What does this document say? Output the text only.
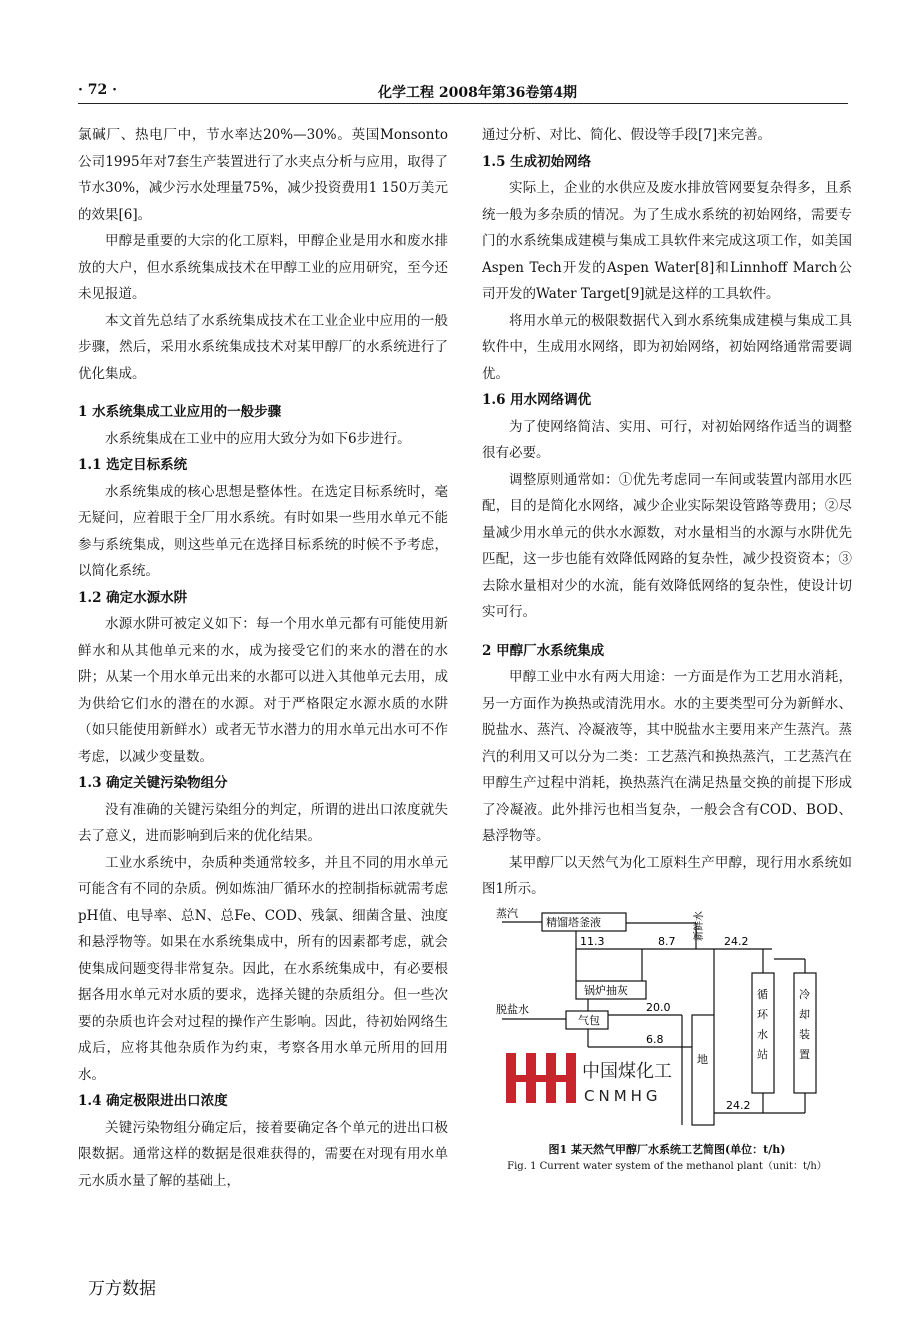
· 72 ·	化学工程 2008年第36卷第4期

氯碱厂、热电厂中，节水率达20%—30%。英国Monsonto公司1995年对7套生产装置进行了水夹点分析与应用，取得了节水30%，减少污水处理量75%，减少投资费用1 150万美元的效果[6]。

甲醇是重要的大宗的化工原料，甲醇企业是用水和废水排放的大户，但水系统集成技术在甲醇工业的应用研究，至今还未见报道。

本文首先总结了水系统集成技术在工业企业中应用的一般步骤，然后，采用水系统集成技术对某甲醇厂的水系统进行了优化集成。

1 水系统集成工业应用的一般步骤

水系统集成在工业中的应用大致分为如下6步进行。

1.1 选定目标系统

水系统集成的核心思想是整体性。在选定目标系统时，毫无疑问，应着眼于全厂用水系统。有时如果一些用水单元不能参与系统集成，则这些单元在选择目标系统的时候不予考虑，以简化系统。

1.2 确定水源水阱

水源水阱可被定义如下：每一个用水单元都有可能使用新鲜水和从其他单元来的水，成为接受它们的来水的潜在的水阱；从某一个用水单元出来的水都可以进入其他单元去用，成为供给它们水的潜在的水源。对于严格限定水源水质的水阱（如只能使用新鲜水）或者无节水潜力的用水单元出水可不作考虑，以减少变量数。

1.3 确定关键污染物组分

没有准确的关键污染组分的判定，所谓的进出口浓度就失去了意义，进而影响到后来的优化结果。

工业水系统中，杂质种类通常较多，并且不同的用水单元可能含有不同的杂质。例如炼油厂循环水的控制指标就需考虑pH值、电导率、总N、总Fe、COD、残氯、细菌含量、浊度和悬浮物等。如果在水系统集成中，所有的因素都考虑，就会使集成问题变得非常复杂。因此，在水系统集成中，有必要根据各用水单元对水质的要求，选择关键的杂质组分。但一些次要的杂质也许会对过程的操作产生影响。因此，待初始网络生成后，应将其他杂质作为约束，考察各用水单元所用的回用水。

1.4 确定极限进出口浓度

关键污染物组分确定后，接着要确定各个单元的进出口极限数据。通常这样的数据是很难获得的，需要在对现有用水单元水质水量了解的基础上，

通过分析、对比、简化、假设等手段[7]来完善。

1.5 生成初始网络

实际上，企业的水供应及废水排放管网要复杂得多，且系统一般为多杂质的情况。为了生成水系统的初始网络，需要专门的水系统集成建模与集成工具软件来完成这项工作，如美国Aspen Tech开发的Aspen Water[8]和Linnhoff March公司开发的Water Target[9]就是这样的工具软件。

将用水单元的极限数据代入到水系统集成建模与集成工具软件中，生成用水网络，即为初始网络，初始网络通常需要调优。

1.6 用水网络调优

为了使网络简洁、实用、可行，对初始网络作适当的调整很有必要。

调整原则通常如：①优先考虑同一车间或装置内部用水匹配，目的是简化水网络，减少企业实际架设管路等费用；②尽量减少用水单元的供水水源数，对水量相当的水源与水阱优先匹配，这一步也能有效降低网路的复杂性，减少投资资本；③去除水量相对少的水流，能有效降低网络的复杂性，使设计切实可行。

2 甲醇厂水系统集成

甲醇工业中水有两大用途：一方面是作为工艺用水消耗，另一方面作为换热或清洗用水。水的主要类型可分为新鲜水、脱盐水、蒸汽、冷凝液等，其中脱盐水主要用来产生蒸汽。蒸汽的利用又可以分为二类：工艺蒸汽和换热蒸汽，工艺蒸汽在甲醇生产过程中消耗，换热蒸汽在满足热量交换的前提下形成了冷凝液。此外排污也相当复杂，一般会含有COD、BOD、悬浮物等。

某甲醇厂以天然气为化工原料生产甲醇，现行用水系统如图1所示。

蒸汽
精馏塔釜液	新鲜水
锅炉抽灰
脱盐水
气包
地
循环水站
冷却装置
11.3	8.7	24.2
20.0
6.8
24.2
中国煤化工
CNMHG
图1 某天然气甲醇厂水系统工艺简图(单位：t/h)
Fig. 1 Current water system of the methanol plant（unit：t/h）
万方数据
